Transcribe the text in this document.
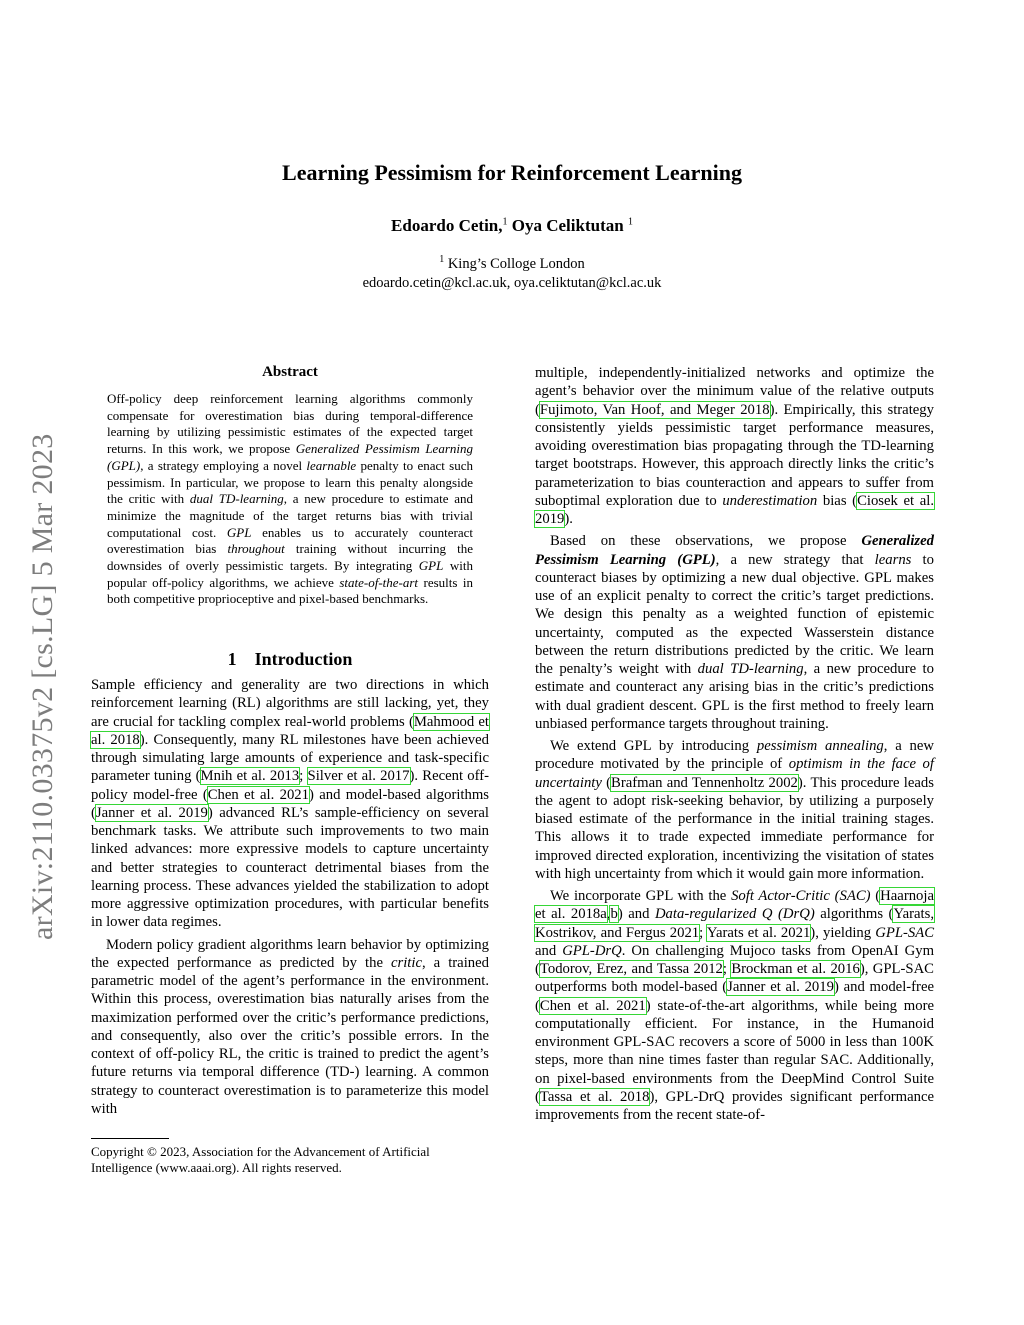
Learning Pessimism for Reinforcement Learning
Edoardo Cetin,$^1$ Oya Celiktutan $^1$
$^1$ King’s Colloge London
edoardo.cetin@kcl.ac.uk, oya.celiktutan@kcl.ac.uk
arXiv:2110.03375v2 [cs.LG] 5 Mar 2023
Abstract

Off-policy deep reinforcement learning algorithms commonly compensate for overestimation bias during temporal-difference learning by utilizing pessimistic estimates of the expected target returns. In this work, we propose Generalized Pessimism Learning (GPL), a strategy employing a novel learnable penalty to enact such pessimism. In particular, we propose to learn this penalty alongside the critic with dual TD-learning, a new procedure to estimate and minimize the magnitude of the target returns bias with trivial computational cost. GPL enables us to accurately counteract overestimation bias throughout training without incurring the downsides of overly pessimistic targets. By integrating GPL with popular off-policy algorithms, we achieve state-of-the-art results in both competitive proprioceptive and pixel-based benchmarks.

1 Introduction

Sample efficiency and generality are two directions in which reinforcement learning (RL) algorithms are still lacking, yet, they are crucial for tackling complex real-world problems (Mahmood et al. 2018). Consequently, many RL milestones have been achieved through simulating large amounts of experience and task-specific parameter tuning (Mnih et al. 2013; Silver et al. 2017). Recent off-policy model-free (Chen et al. 2021) and model-based algorithms (Janner et al. 2019) advanced RL’s sample-efficiency on several benchmark tasks. We attribute such improvements to two main linked advances: more expressive models to capture uncertainty and better strategies to counteract detrimental biases from the learning process. These advances yielded the stabilization to adopt more aggressive optimization procedures, with particular benefits in lower data regimes.

Modern policy gradient algorithms learn behavior by optimizing the expected performance as predicted by the critic, a trained parametric model of the agent’s performance in the environment. Within this process, overestimation bias naturally arises from the maximization performed over the critic’s performance predictions, and consequently, also over the critic’s possible errors. In the context of off-policy RL, the critic is trained to predict the agent’s future returns via temporal difference (TD-) learning. A common strategy to counteract overestimation is to parameterize this model with

Copyright © 2023, Association for the Advancement of Artificial Intelligence (www.aaai.org). All rights reserved.

multiple, independently-initialized networks and optimize the agent’s behavior over the minimum value of the relative outputs (Fujimoto, Van Hoof, and Meger 2018). Empirically, this strategy consistently yields pessimistic target performance measures, avoiding overestimation bias propagating through the TD-learning target bootstraps. However, this approach directly links the critic’s parameterization to bias counteraction and appears to suffer from suboptimal exploration due to underestimation bias (Ciosek et al. 2019).

Based on these observations, we propose Generalized Pessimism Learning (GPL), a new strategy that learns to counteract biases by optimizing a new dual objective. GPL makes use of an explicit penalty to correct the critic’s target predictions. We design this penalty as a weighted function of epistemic uncertainty, computed as the expected Wasserstein distance between the return distributions predicted by the critic. We learn the penalty’s weight with dual TD-learning, a new procedure to estimate and counteract any arising bias in the critic’s predictions with dual gradient descent. GPL is the first method to freely learn unbiased performance targets throughout training.

We extend GPL by introducing pessimism annealing, a new procedure motivated by the principle of optimism in the face of uncertainty (Brafman and Tennenholtz 2002). This procedure leads the agent to adopt risk-seeking behavior, by utilizing a purposely biased estimate of the performance in the initial training stages. This allows it to trade expected immediate performance for improved directed exploration, incentivizing the visitation of states with high uncertainty from which it would gain more information.

We incorporate GPL with the Soft Actor-Critic (SAC) (Haarnoja et al. 2018a,b) and Data-regularized Q (DrQ) algorithms (Yarats, Kostrikov, and Fergus 2021; Yarats et al. 2021), yielding GPL-SAC and GPL-DrQ. On challenging Mujoco tasks from OpenAI Gym (Todorov, Erez, and Tassa 2012; Brockman et al. 2016), GPL-SAC outperforms both model-based (Janner et al. 2019) and model-free (Chen et al. 2021) state-of-the-art algorithms, while being more computationally efficient. For instance, in the Humanoid environment GPL-SAC recovers a score of 5000 in less than 100K steps, more than nine times faster than regular SAC. Additionally, on pixel-based environments from the DeepMind Control Suite (Tassa et al. 2018), GPL-DrQ provides significant performance improvements from the recent state-of-
